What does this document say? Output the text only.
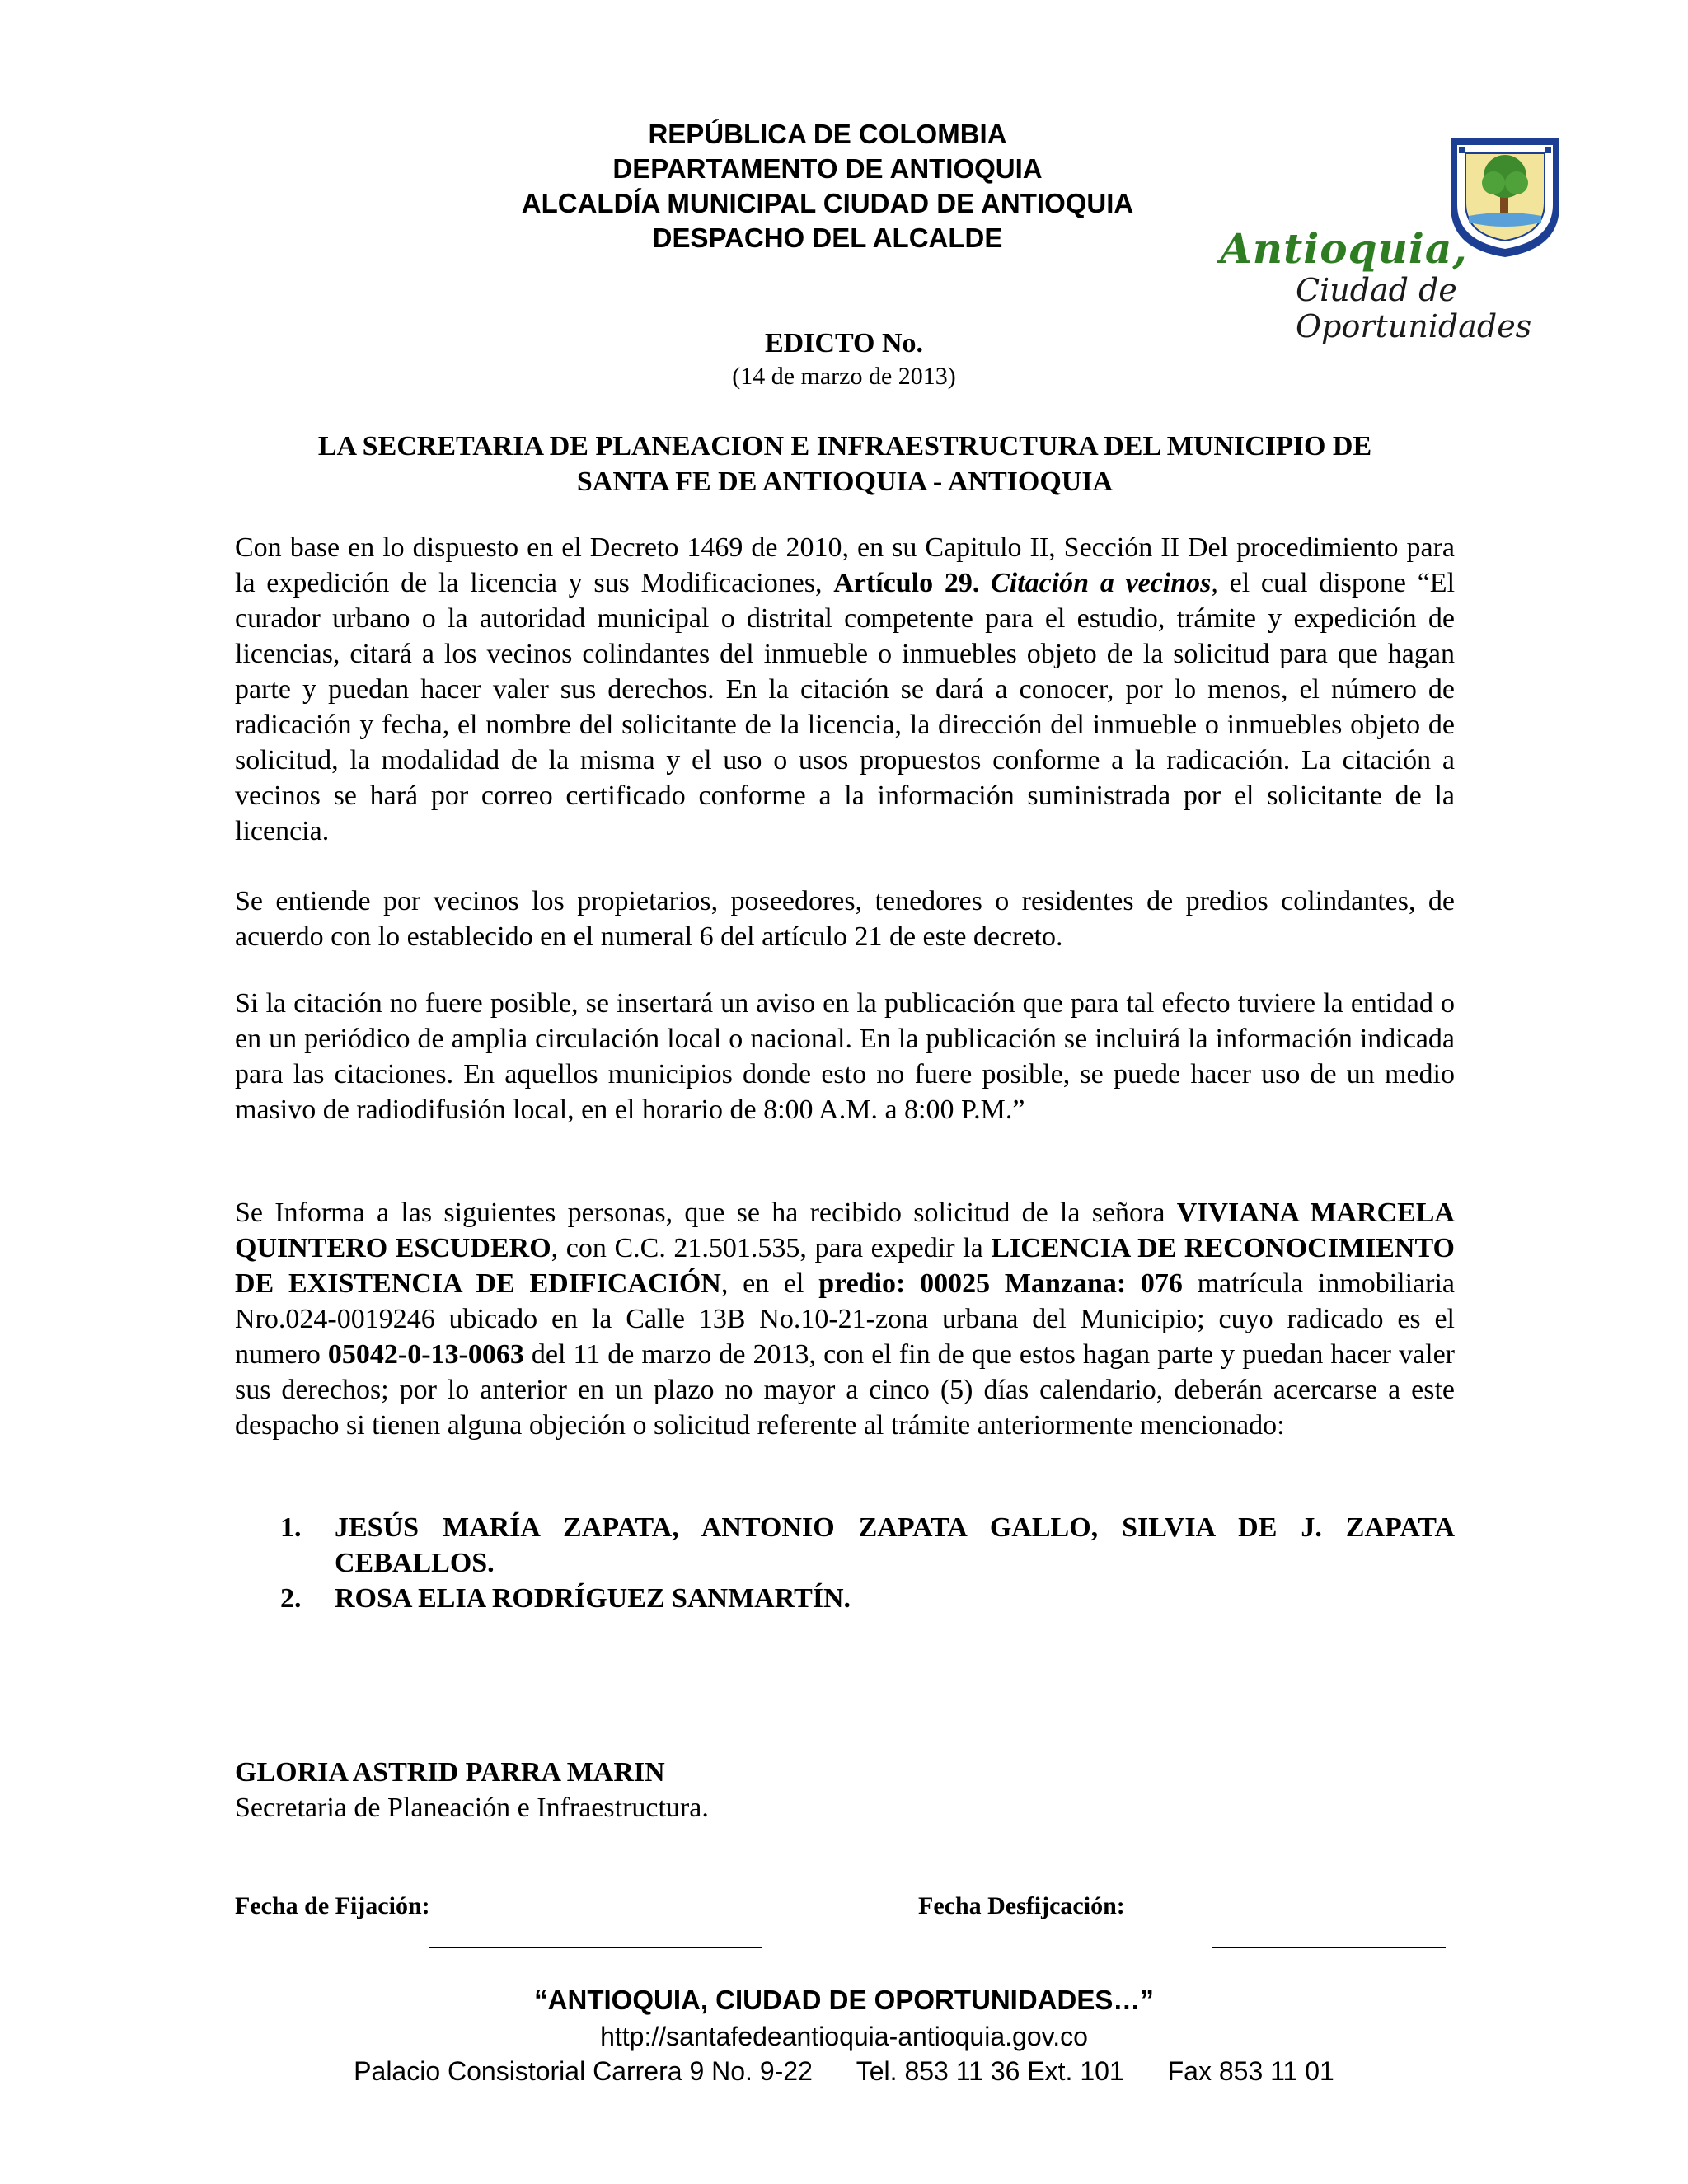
REPÚBLICA DE COLOMBIA
DEPARTAMENTO DE ANTIOQUIA
ALCALDÍA MUNICIPAL CIUDAD DE ANTIOQUIA
DESPACHO DEL ALCALDE	Antioquia,
Ciudad de Oportunidades
EDICTO No.
(14 de marzo de 2013)
LA SECRETARIA DE PLANEACION E INFRAESTRUCTURA DEL MUNICIPIO DE
SANTA FE DE ANTIOQUIA - ANTIOQUIA
Con base en lo dispuesto en el Decreto 1469 de 2010, en su Capitulo II, Sección II Del procedimiento para la expedición de la licencia y sus Modificaciones, Artículo 29. Citación a vecinos, el cual dispone “El curador urbano o la autoridad municipal o distrital competente para el estudio, trámite y expedición de licencias, citará a los vecinos colindantes del inmueble o inmuebles objeto de la solicitud para que hagan parte y puedan hacer valer sus derechos. En la citación se dará a conocer, por lo menos, el número de radicación y fecha, el nombre del solicitante de la licencia, la dirección del inmueble o inmuebles objeto de solicitud, la modalidad de la misma y el uso o usos propuestos conforme a la radicación. La citación a vecinos se hará por correo certificado conforme a la información suministrada por el solicitante de la licencia.
Se entiende por vecinos los propietarios, poseedores, tenedores o residentes de predios colindantes, de acuerdo con lo establecido en el numeral 6 del artículo 21 de este decreto.
Si la citación no fuere posible, se insertará un aviso en la publicación que para tal efecto tuviere la entidad o en un periódico de amplia circulación local o nacional. En la publicación se incluirá la información indicada para las citaciones. En aquellos municipios donde esto no fuere posible, se puede hacer uso de un medio masivo de radiodifusión local, en el horario de 8:00 A.M. a 8:00 P.M.”
Se Informa a las siguientes personas, que se ha recibido solicitud de la señora VIVIANA MARCELA QUINTERO ESCUDERO, con C.C. 21.501.535, para expedir la LICENCIA DE RECONOCIMIENTO DE EXISTENCIA DE EDIFICACIÓN, en el predio: 00025 Manzana: 076 matrícula inmobiliaria Nro.024-0019246 ubicado en la Calle 13B No.10-21-zona urbana del Municipio; cuyo radicado es el numero 05042-0-13-0063 del 11 de marzo de 2013, con el fin de que estos hagan parte y puedan hacer valer sus derechos; por lo anterior en un plazo no mayor a cinco (5) días calendario, deberán acercarse a este despacho si tienen alguna objeción o solicitud referente al trámite anteriormente mencionado:
1.	JESÚS MARÍA ZAPATA, ANTONIO ZAPATA GALLO, SILVIA DE J. ZAPATA CEBALLOS.
2.	ROSA ELIA RODRÍGUEZ SANMARTÍN.
GLORIA ASTRID PARRA MARIN
Secretaria de Planeación e Infraestructura.
Fecha de Fijación:	Fecha Desfijcación:
“ANTIOQUIA, CIUDAD DE OPORTUNIDADES…”
http://santafedeantioquia-antioquia.gov.co
Palacio Consistorial Carrera 9 No. 9-22 Tel. 853 11 36 Ext. 101 Fax 853 11 01
